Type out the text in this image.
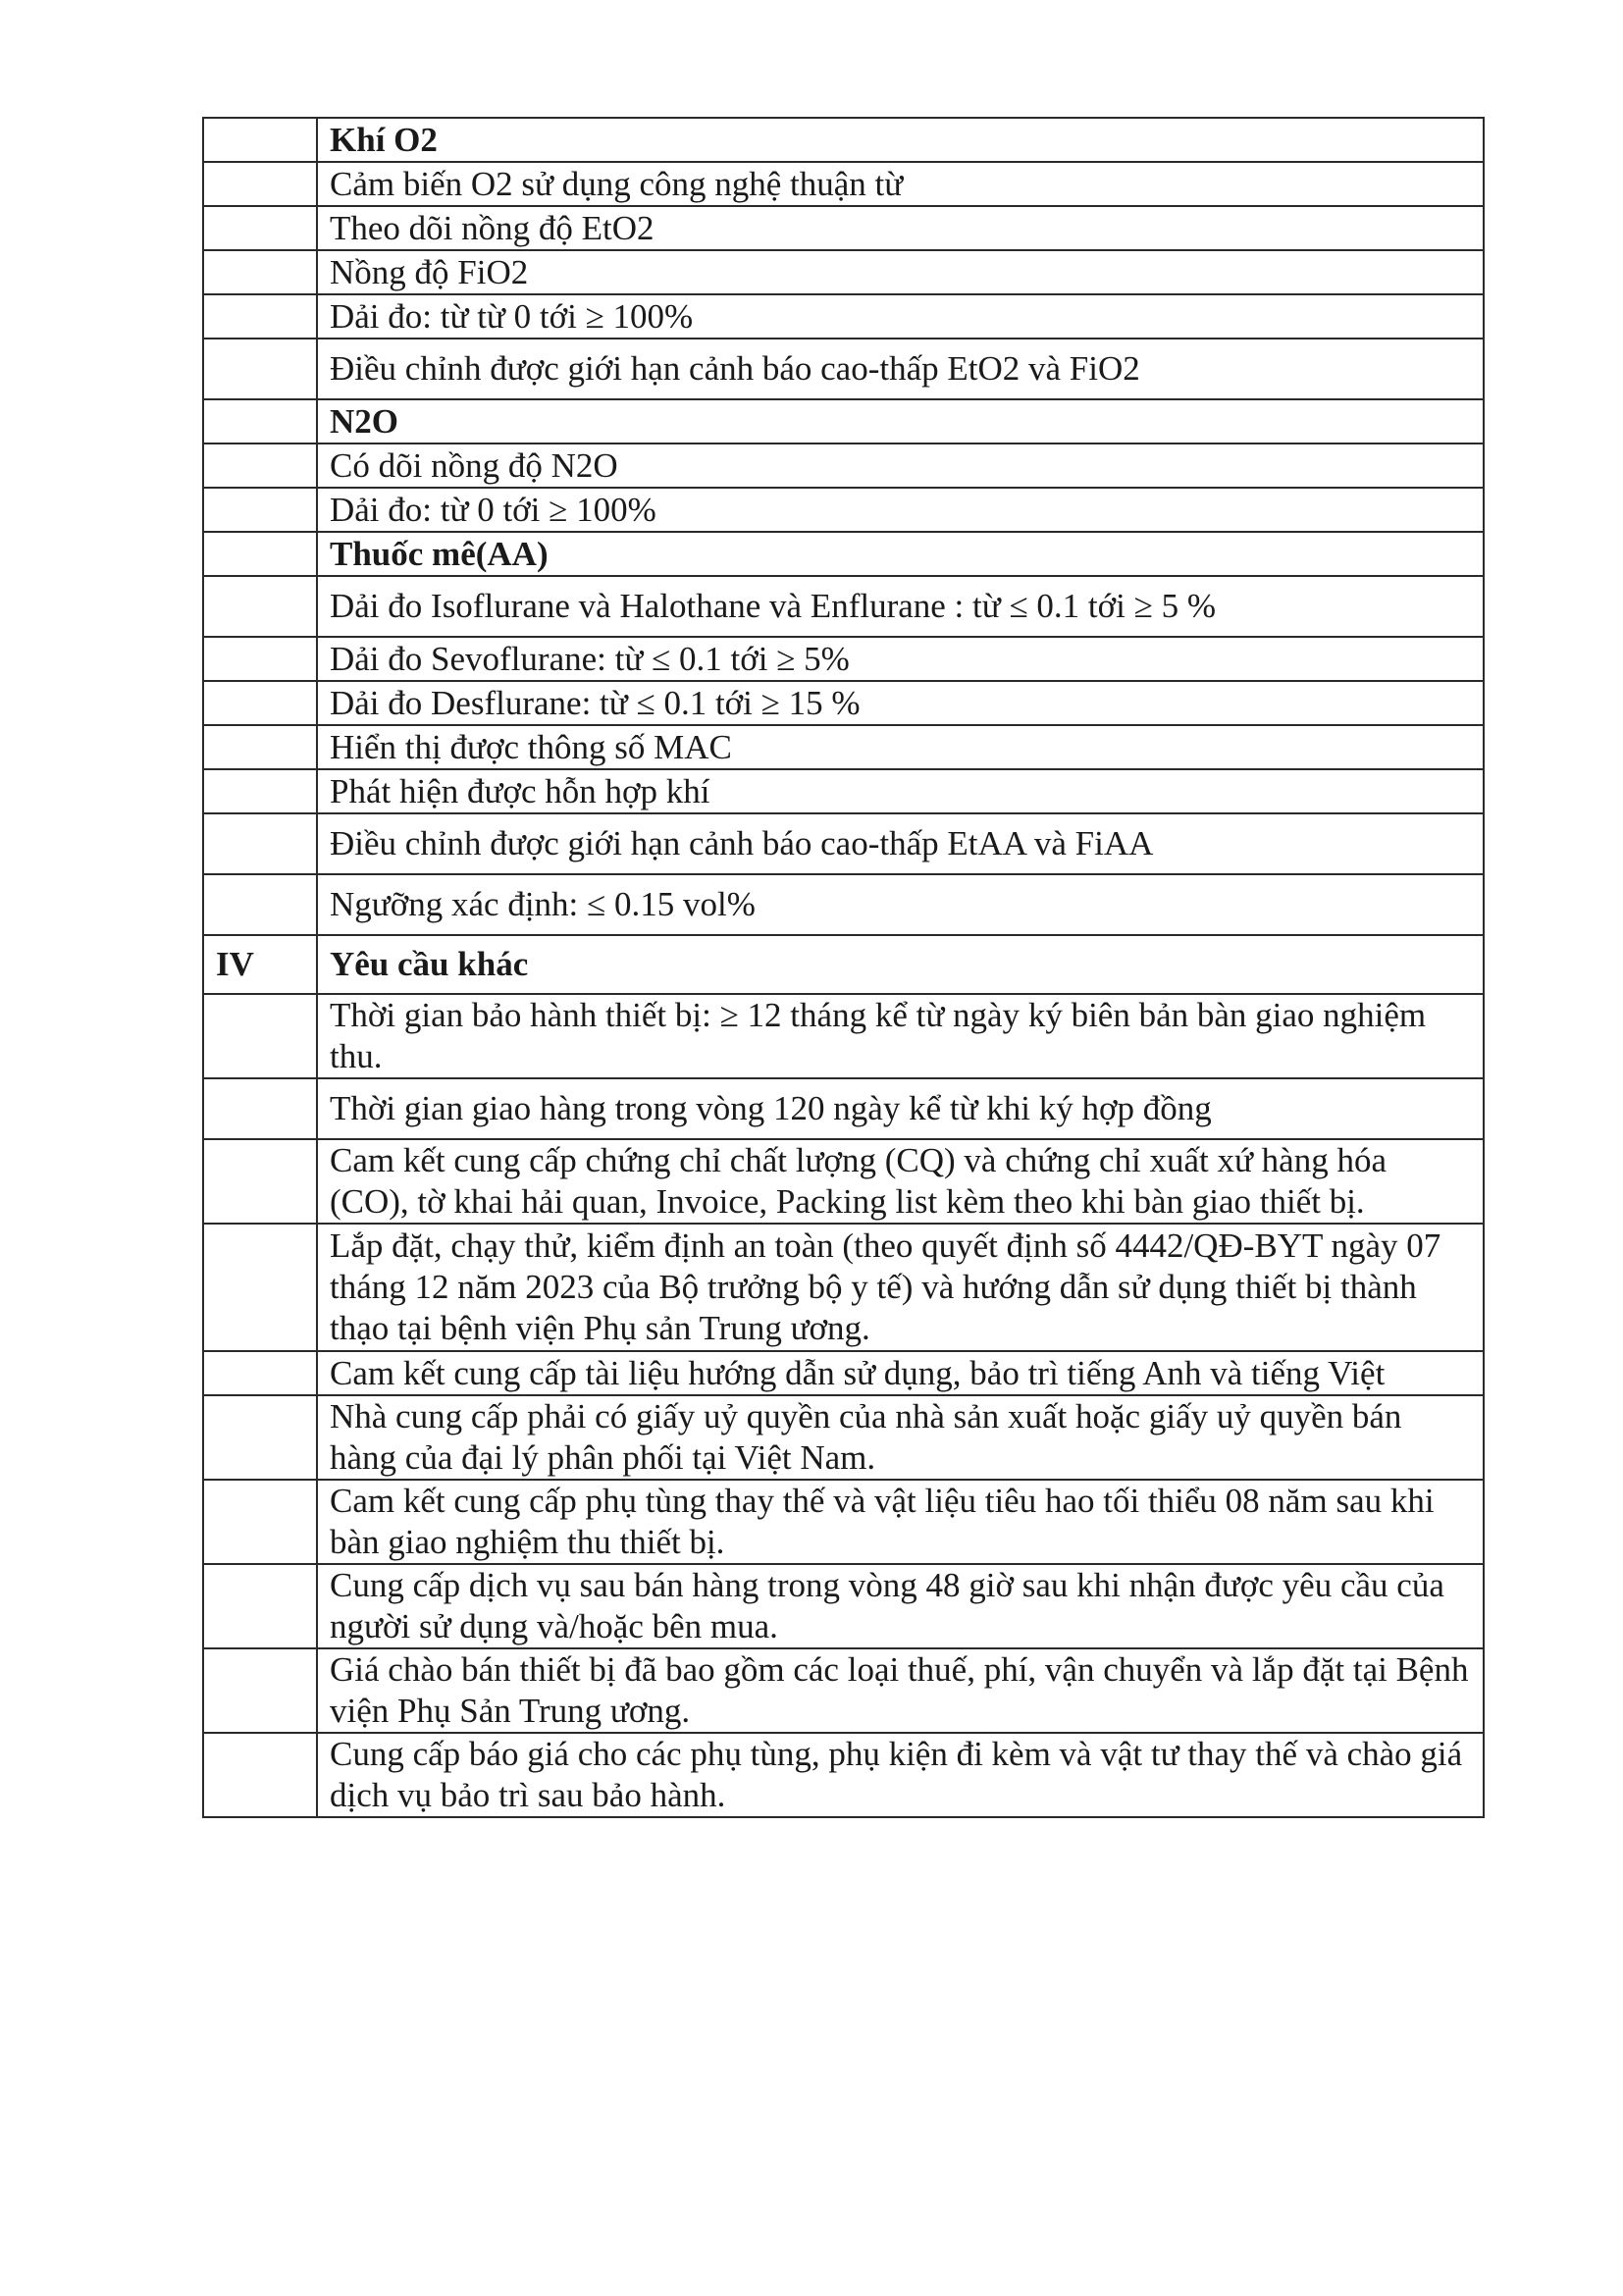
	Khí O2
	Cảm biến O2 sử dụng công nghệ thuận từ
	Theo dõi nồng độ EtO2
	Nồng độ FiO2
	Dải đo: từ từ 0 tới ≥ 100%
	Điều chỉnh được giới hạn cảnh báo cao-thấp EtO2 và FiO2
	N2O
	Có dõi nồng độ N2O
	Dải đo: từ 0 tới ≥ 100%
	Thuốc mê(AA)
	Dải đo Isoflurane và Halothane và Enflurane : từ ≤ 0.1 tới ≥ 5 %
	Dải đo Sevoflurane: từ ≤ 0.1 tới ≥ 5%
	Dải đo Desflurane: từ ≤ 0.1 tới ≥ 15 %
	Hiển thị được thông số MAC
	Phát hiện được hỗn hợp khí
	Điều chỉnh được giới hạn cảnh báo cao-thấp EtAA và FiAA
	Ngưỡng xác định: ≤ 0.15 vol%
IV	Yêu cầu khác
	Thời gian bảo hành thiết bị: ≥ 12 tháng kể từ ngày ký biên bản bàn giao nghiệm thu.
	Thời gian giao hàng trong vòng 120 ngày kể từ khi ký hợp đồng
	Cam kết cung cấp chứng chỉ chất lượng (CQ) và chứng chỉ xuất xứ hàng hóa (CO), tờ khai hải quan, Invoice, Packing list kèm theo khi bàn giao thiết bị.
	Lắp đặt, chạy thử, kiểm định an toàn (theo quyết định số 4442/QĐ-BYT ngày 07 tháng 12 năm 2023 của Bộ trưởng bộ y tế) và hướng dẫn sử dụng thiết bị thành thạo tại bệnh viện Phụ sản Trung ương.
	Cam kết cung cấp tài liệu hướng dẫn sử dụng, bảo trì tiếng Anh và tiếng Việt
	Nhà cung cấp phải có giấy uỷ quyền của nhà sản xuất hoặc giấy uỷ quyền bán hàng của đại lý phân phối tại Việt Nam.
	Cam kết cung cấp phụ tùng thay thế và vật liệu tiêu hao tối thiểu 08 năm sau khi bàn giao nghiệm thu thiết bị.
	Cung cấp dịch vụ sau bán hàng trong vòng 48 giờ sau khi nhận được yêu cầu của người sử dụng và/hoặc bên mua.
	Giá chào bán thiết bị đã bao gồm các loại thuế, phí, vận chuyển và lắp đặt tại Bệnh viện Phụ Sản Trung ương.
	Cung cấp báo giá cho các phụ tùng, phụ kiện đi kèm và vật tư thay thế và chào giá dịch vụ bảo trì sau bảo hành.
